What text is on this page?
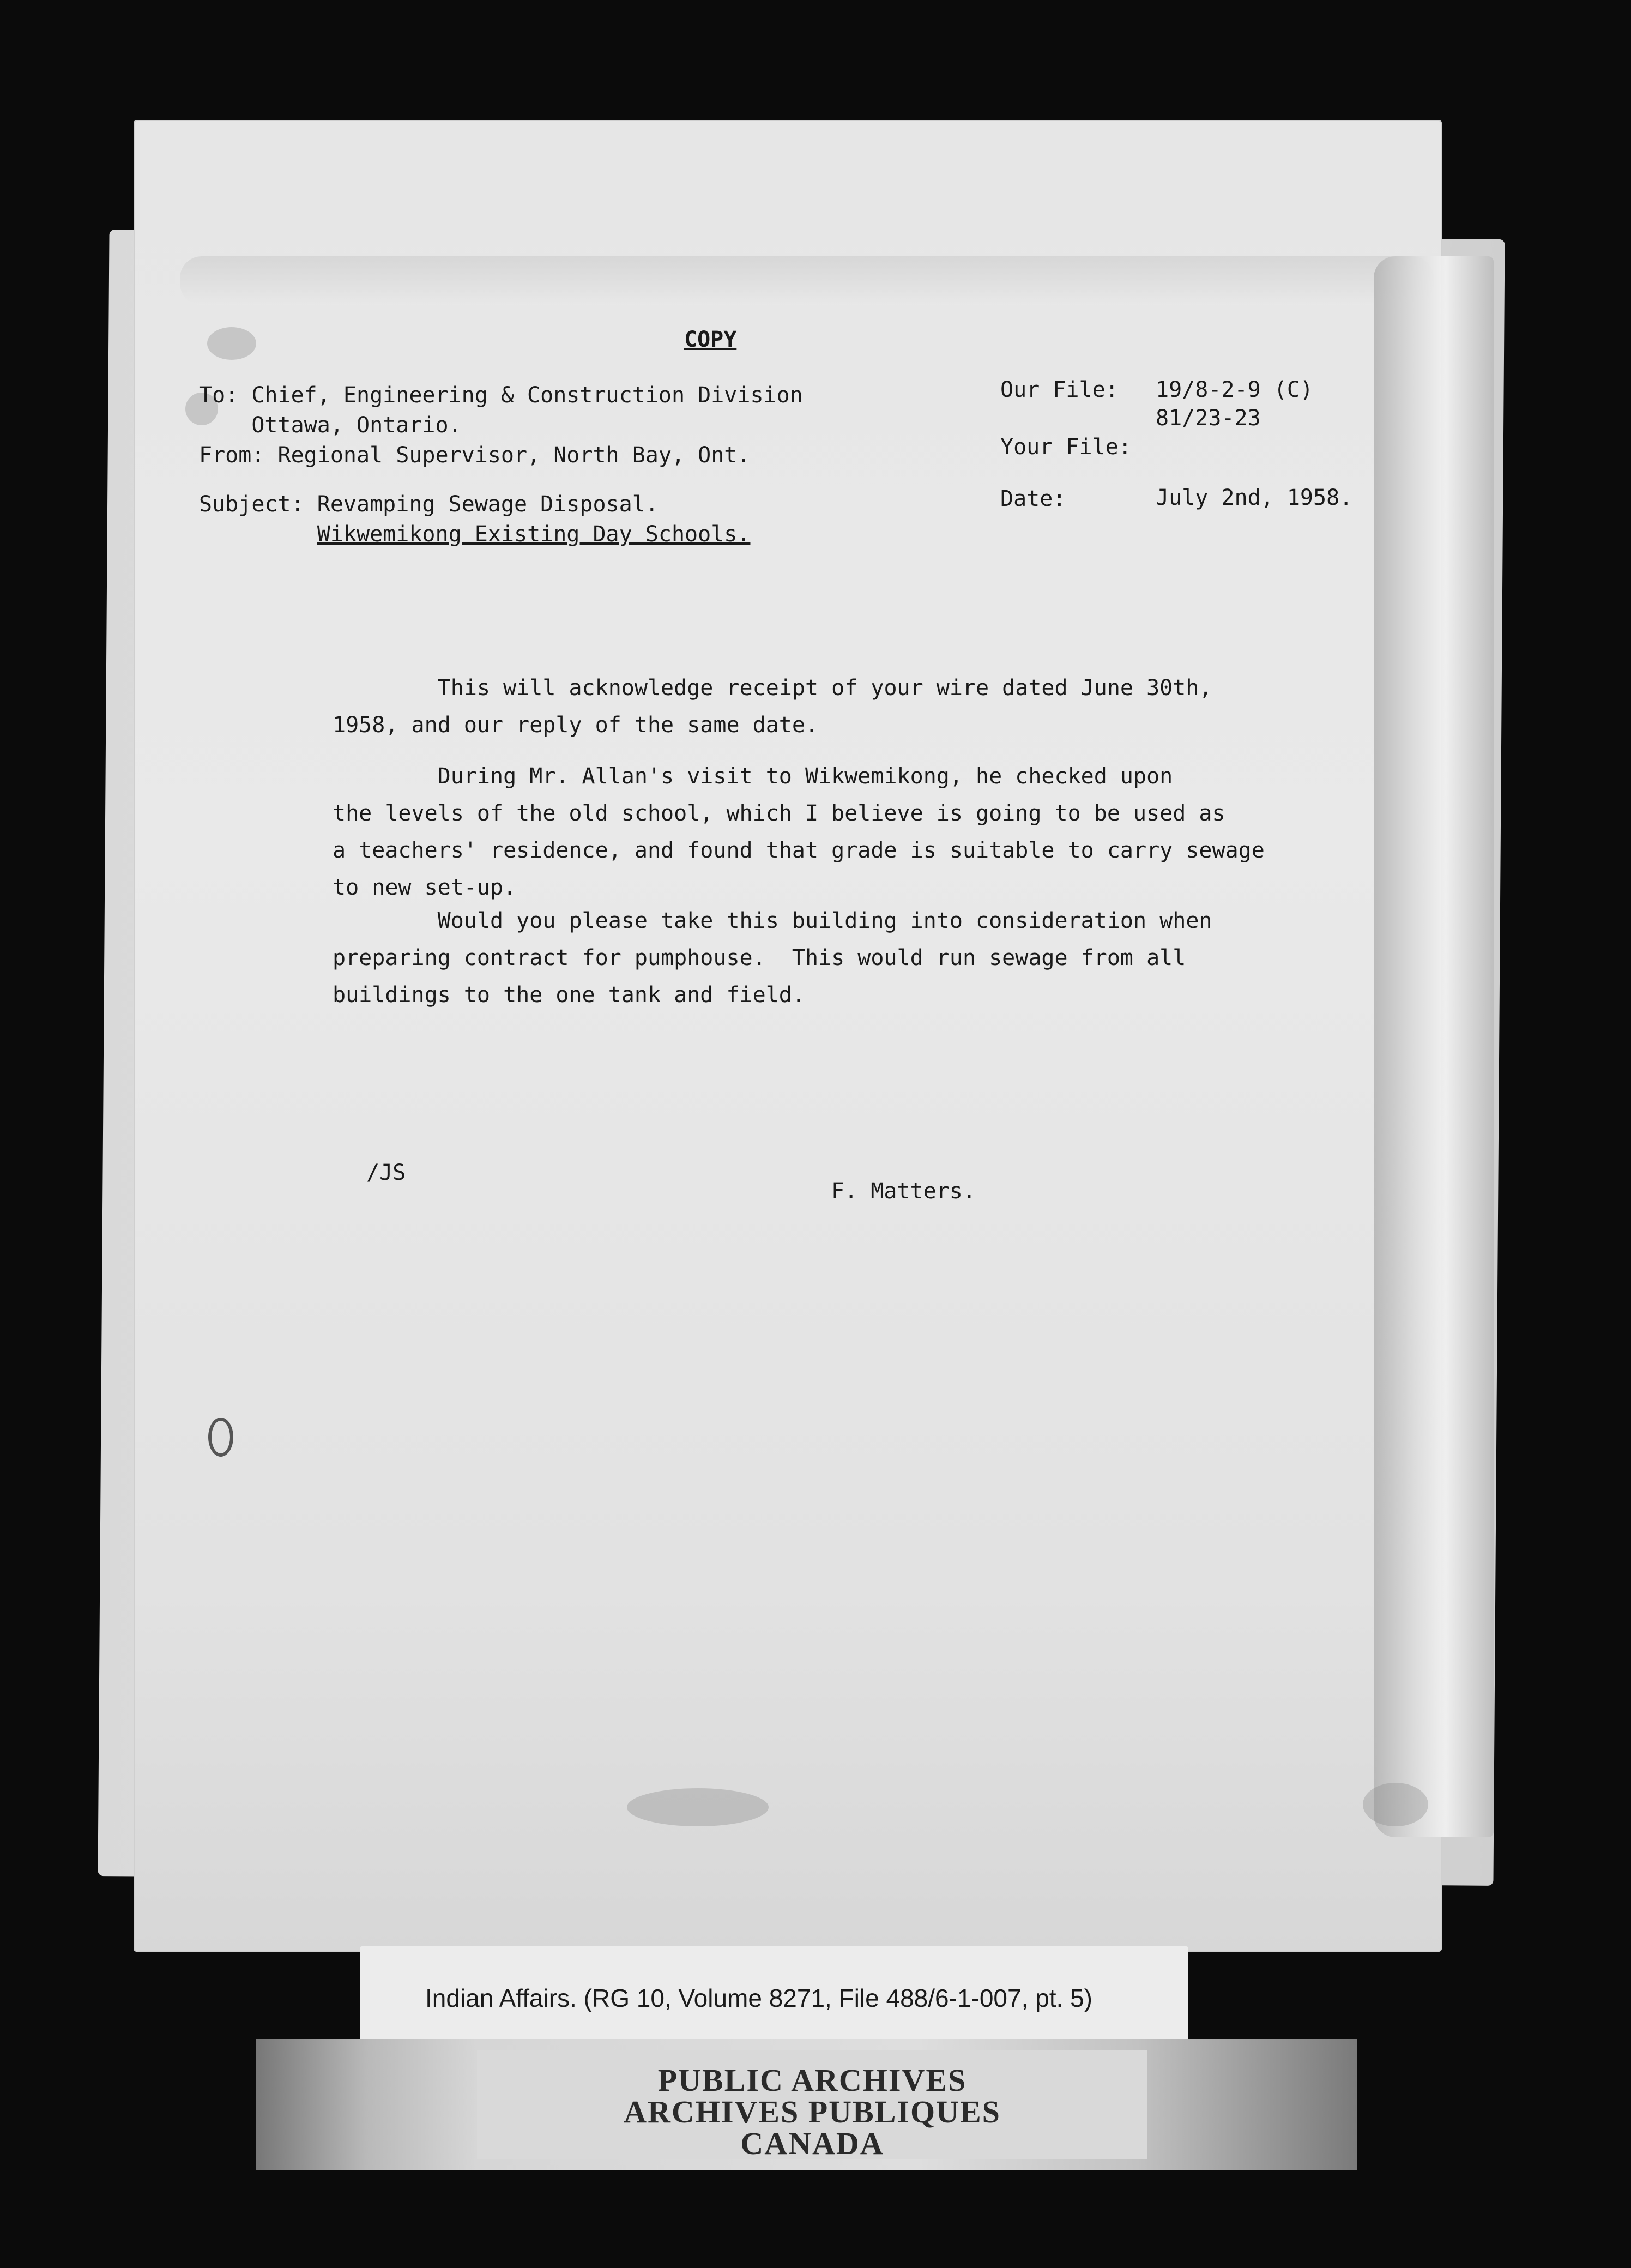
COPY
To: Chief, Engineering & Construction Division
Ottawa, Ontario.
From: Regional Supervisor, North Bay, Ont.
Subject: Revamping Sewage Disposal.
Wikwemikong Existing Day Schools.
Our File: 19/8-2-9 (C)
81/23-23
Your File:
Date:	July 2nd, 1958.
This will acknowledge receipt of your wire dated June 30th,
1958, and our reply of the same date.
During Mr. Allan's visit to Wikwemikong, he checked upon
the levels of the old school, which I believe is going to be used as
a teachers' residence, and found that grade is suitable to carry sewage
to new set-up.
Would you please take this building into consideration when
preparing contract for pumphouse.  This would run sewage from all
buildings to the one tank and field.
/JS
F. Matters.
Indian Affairs. (RG 10, Volume 8271, File 488/6-1-007, pt. 5)
PUBLIC ARCHIVES
ARCHIVES PUBLIQUES
CANADA
